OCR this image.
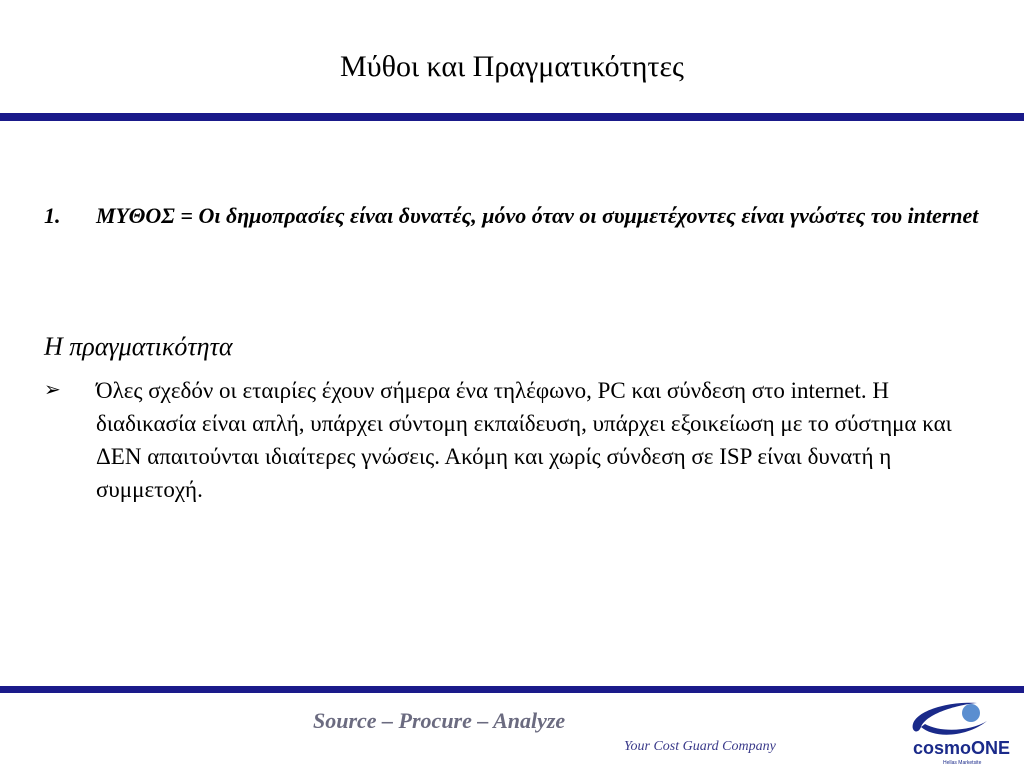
Μύθοι και Πραγματικότητες
1.	ΜΥΘΟΣ = Οι δημοπρασίες είναι δυνατές, μόνο όταν οι συμμετέχοντες είναι γνώστες του internet
Η πραγματικότητα
➢	Όλες σχεδόν οι εταιρίες έχουν σήμερα ένα τηλέφωνο, PC και σύνδεση στο internet. Η διαδικασία είναι απλή, υπάρχει σύντομη εκπαίδευση, υπάρχει εξοικείωση με το σύστημα και ΔΕΝ απαιτούνται ιδιαίτερες γνώσεις. Ακόμη και χωρίς σύνδεση σε ISP είναι δυνατή η συμμετοχή.
Source – Procure – Analyze
Your Cost Guard Company	cosmoONE
Hellas Marketsite
